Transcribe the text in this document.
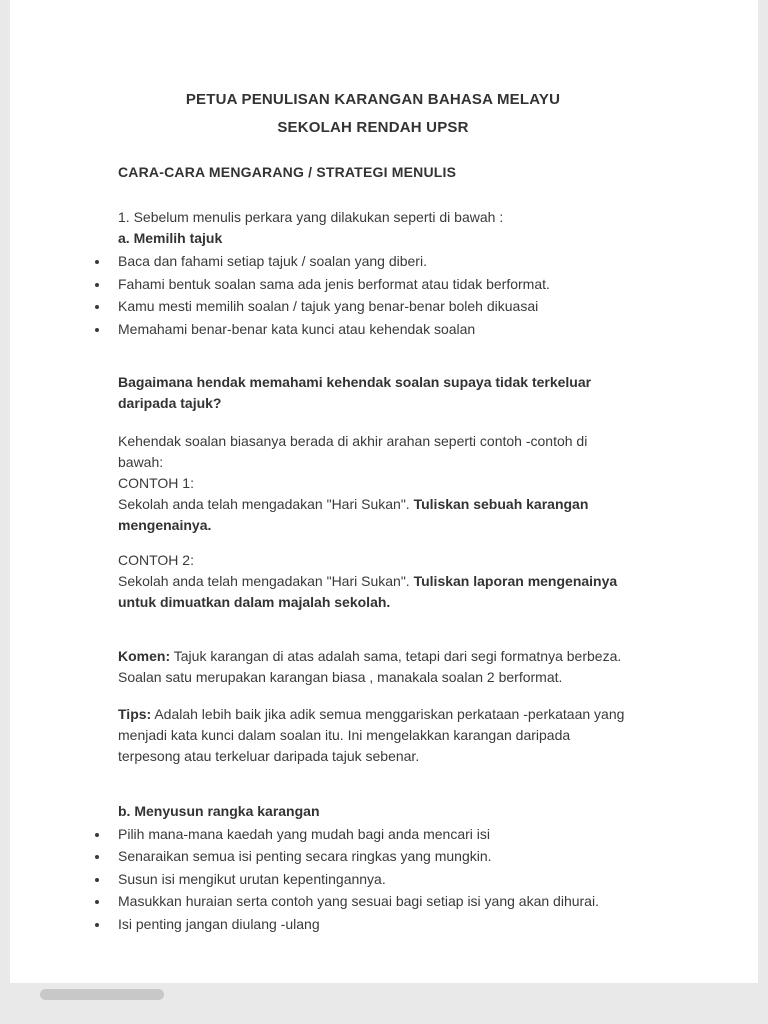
PETUA PENULISAN KARANGAN BAHASA MELAYU
SEKOLAH RENDAH UPSR
CARA-CARA MENGARANG / STRATEGI MENULIS

1. Sebelum menulis perkara yang dilakukan seperti di bawah :

a. Memilih tajuk

Baca dan fahami setiap tajuk / soalan yang diberi.
Fahami bentuk soalan sama ada jenis berformat atau tidak berformat.
Kamu mesti memilih soalan / tajuk yang benar-benar boleh dikuasai
Memahami benar-benar kata kunci atau kehendak soalan

Bagaimana hendak memahami kehendak soalan supaya tidak terkeluar daripada tajuk?

Kehendak soalan biasanya berada di akhir arahan seperti contoh -contoh di bawah:

CONTOH 1:

Sekolah anda telah mengadakan "Hari Sukan". Tuliskan sebuah karangan mengenainya.

CONTOH 2:

Sekolah anda telah mengadakan "Hari Sukan". Tuliskan laporan mengenainya untuk dimuatkan dalam majalah sekolah.

Komen: Tajuk karangan di atas adalah sama, tetapi dari segi formatnya berbeza. Soalan satu merupakan karangan biasa , manakala soalan 2 berformat.

Tips: Adalah lebih baik jika adik semua menggariskan perkataan -perkataan yang menjadi kata kunci dalam soalan itu. Ini mengelakkan karangan daripada terpesong atau terkeluar daripada tajuk sebenar.

b. Menyusun rangka karangan

Pilih mana-mana kaedah yang mudah bagi anda mencari isi
Senaraikan semua isi penting secara ringkas yang mungkin.
Susun isi mengikut urutan kepentingannya.
Masukkan huraian serta contoh yang sesuai bagi setiap isi yang akan dihurai.
Isi penting jangan diulang -ulang
